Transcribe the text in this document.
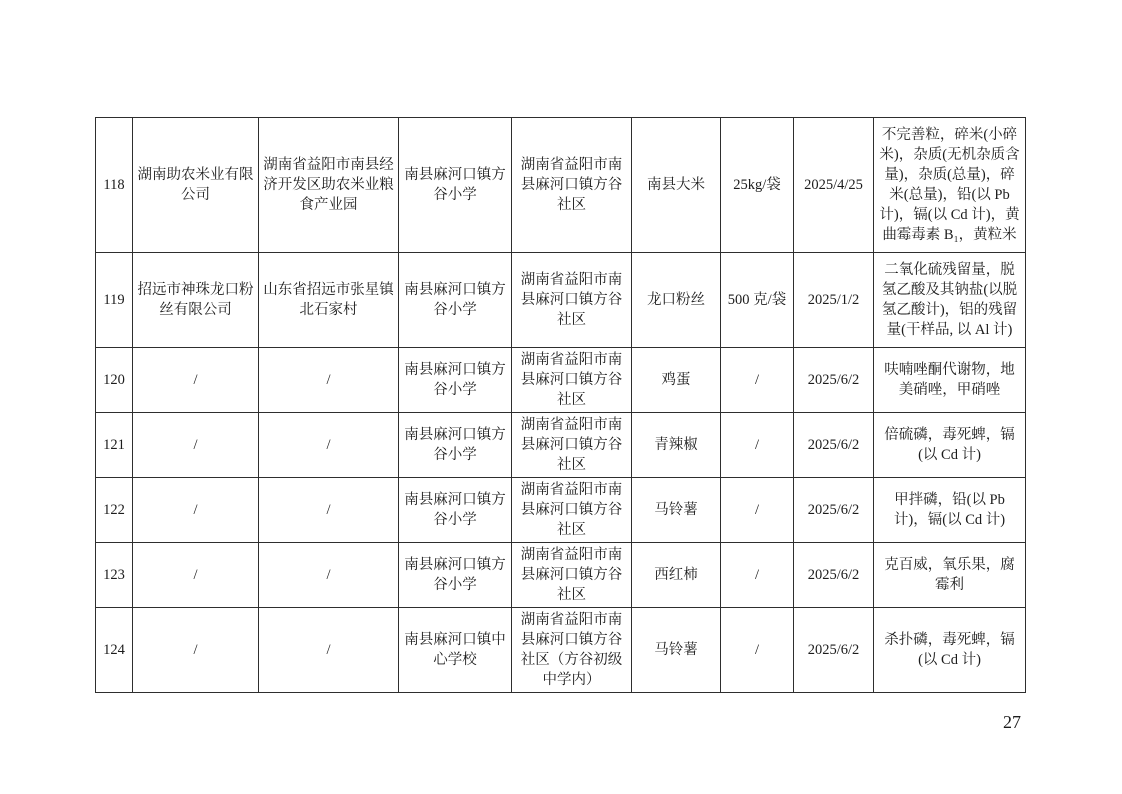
118	湖南助农米业有限公司	湖南省益阳市南县经济开发区助农米业粮食产业园	南县麻河口镇方谷小学	湖南省益阳市南县麻河口镇方谷社区	南县大米	25kg/袋	2025/4/25	不完善粒，碎米(小碎米)，杂质(无机杂质含量)，杂质(总量)，碎米(总量)，铅(以 Pb 计)，镉(以 Cd 计)，黄曲霉毒素 B₁，黄粒米
119	招远市神珠龙口粉丝有限公司	山东省招远市张星镇北石家村	南县麻河口镇方谷小学	湖南省益阳市南县麻河口镇方谷社区	龙口粉丝	500 克/袋	2025/1/2	二氧化硫残留量，脱氢乙酸及其钠盐(以脱氢乙酸计)，铝的残留量(干样品, 以 Al 计)
120	/	/	南县麻河口镇方谷小学	湖南省益阳市南县麻河口镇方谷社区	鸡蛋	/	2025/6/2	呋喃唑酮代谢物，地美硝唑，甲硝唑
121	/	/	南县麻河口镇方谷小学	湖南省益阳市南县麻河口镇方谷社区	青辣椒	/	2025/6/2	倍硫磷，毒死蜱，镉(以 Cd 计)
122	/	/	南县麻河口镇方谷小学	湖南省益阳市南县麻河口镇方谷社区	马铃薯	/	2025/6/2	甲拌磷，铅(以 Pb 计)，镉(以 Cd 计)
123	/	/	南县麻河口镇方谷小学	湖南省益阳市南县麻河口镇方谷社区	西红柿	/	2025/6/2	克百威，氧乐果，腐霉利
124	/	/	南县麻河口镇中心学校	湖南省益阳市南县麻河口镇方谷社区（方谷初级中学内）	马铃薯	/	2025/6/2	杀扑磷，毒死蜱，镉(以 Cd 计)
27
